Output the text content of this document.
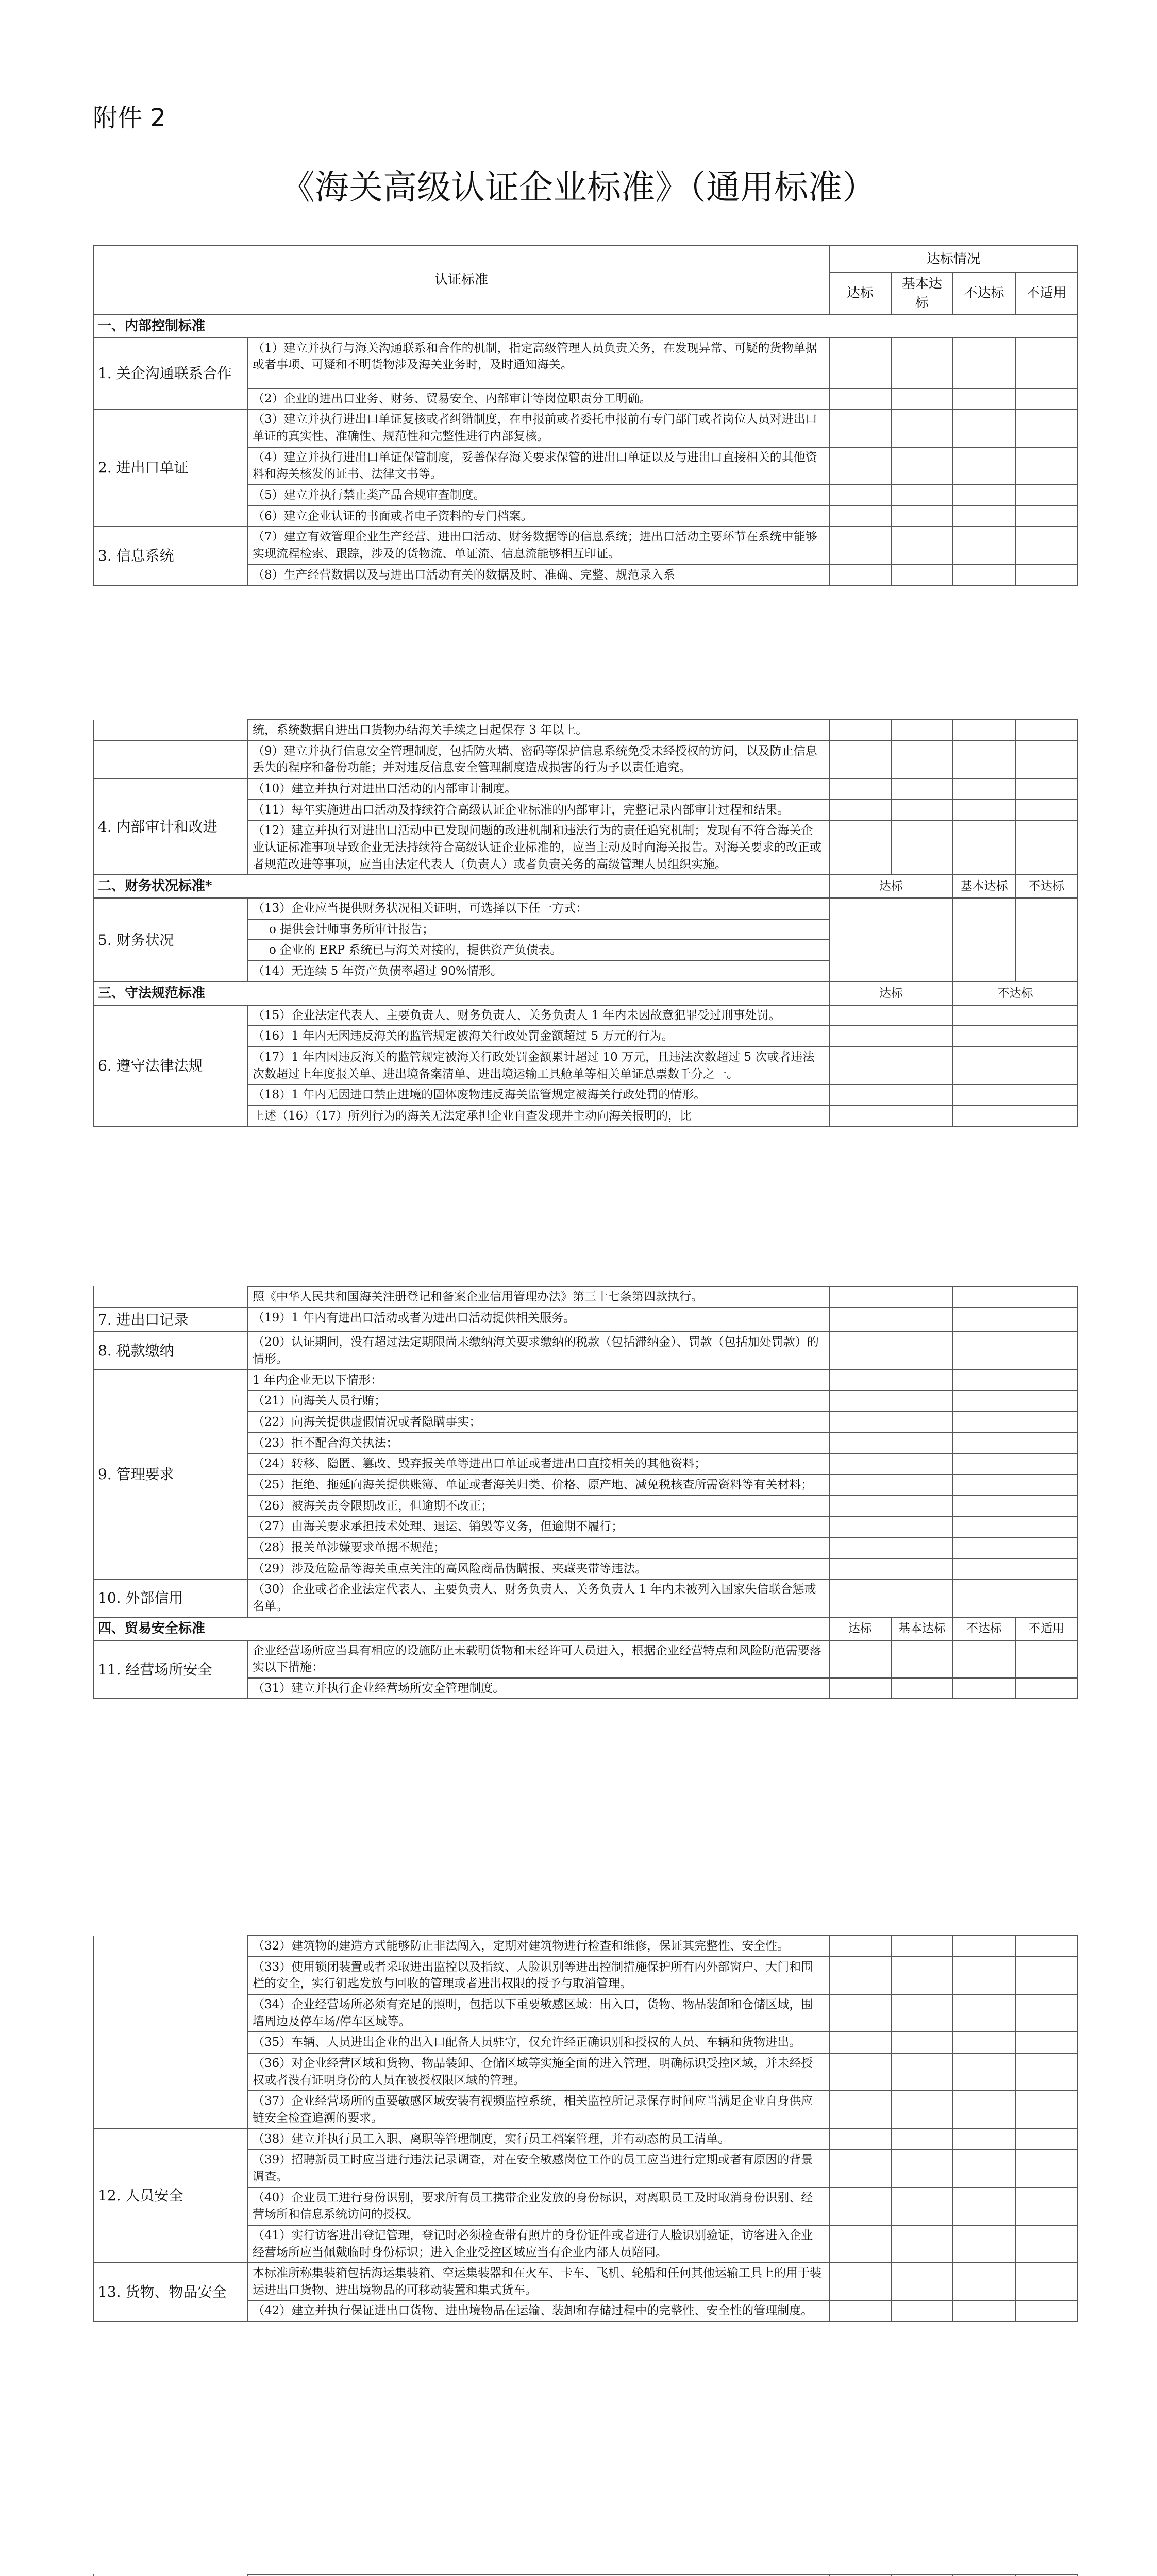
附件 2
《海关高级认证企业标准》（通用标准）
认证标准		达标情况			
		达标	基本达标	不达标	不适用
一、内部控制标准					
1. 关企沟通联系合作	（1）建立并执行与海关沟通联系和合作的机制，指定高级管理人员负责关务，在发现异常、可疑的货物单据或者事项、可疑和不明货物涉及海关业务时，及时通知海关。				
	（2）企业的进出口业务、财务、贸易安全、内部审计等岗位职责分工明确。				
2. 进出口单证	（3）建立并执行进出口单证复核或者纠错制度，在申报前或者委托申报前有专门部门或者岗位人员对进出口单证的真实性、准确性、规范性和完整性进行内部复核。				
	（4）建立并执行进出口单证保管制度，妥善保存海关要求保管的进出口单证以及与进出口直接相关的其他资料和海关核发的证书、法律文书等。				
	（5）建立并执行禁止类产品合规审查制度。				
	（6）建立企业认证的书面或者电子资料的专门档案。				
3. 信息系统	（7）建立有效管理企业生产经营、进出口活动、财务数据等的信息系统；进出口活动主要环节在系统中能够实现流程检索、跟踪，涉及的货物流、单证流、信息流能够相互印证。				
	（8）生产经营数据以及与进出口活动有关的数据及时、准确、完整、规范录入系				
	统，系统数据自进出口货物办结海关手续之日起保存 3 年以上。				
	（9）建立并执行信息安全管理制度，包括防火墙、密码等保护信息系统免受未经授权的访问，以及防止信息丢失的程序和备份功能；并对违反信息安全管理制度造成损害的行为予以责任追究。				
4. 内部审计和改进	（10）建立并执行对进出口活动的内部审计制度。				
	（11）每年实施进出口活动及持续符合高级认证企业标准的内部审计，完整记录内部审计过程和结果。				
	（12）建立并执行对进出口活动中已发现问题的改进机制和违法行为的责任追究机制；发现有不符合海关企业认证标准事项导致企业无法持续符合高级认证企业标准的，应当主动及时向海关报告。对海关要求的改正或者规范改进等事项，应当由法定代表人（负责人）或者负责关务的高级管理人员组织实施。				
二、财务状况标准*		达标		基本达标	不达标
5. 财务状况	（13）企业应当提供财务状况相关证明，可选择以下任一方式：				
	o 提供会计师事务所审计报告；				
	o 企业的 ERP 系统已与海关对接的，提供资产负债表。				
	（14）无连续 5 年资产负债率超过 90%情形。				
三、守法规范标准		达标		不达标	
6. 遵守法律法规	（15）企业法定代表人、主要负责人、财务负责人、关务负责人 1 年内未因故意犯罪受过刑事处罚。				
	（16）1 年内无因违反海关的监管规定被海关行政处罚金额超过 5 万元的行为。				
	（17）1 年内因违反海关的监管规定被海关行政处罚金额累计超过 10 万元，且违法次数超过 5 次或者违法次数超过上年度报关单、进出境备案清单、进出境运输工具舱单等相关单证总票数千分之一。				
	（18）1 年内无因进口禁止进境的固体废物违反海关监管规定被海关行政处罚的情形。				
	上述（16）（17）所列行为的海关无法定承担企业自查发现并主动向海关报明的，比				
	照《中华人民共和国海关注册登记和备案企业信用管理办法》第三十七条第四款执行。				
7. 进出口记录	（19）1 年内有进出口活动或者为进出口活动提供相关服务。				
8. 税款缴纳	（20）认证期间，没有超过法定期限尚未缴纳海关要求缴纳的税款（包括滞纳金）、罚款（包括加处罚款）的情形。				
9. 管理要求	1 年内企业无以下情形：				
	（21）向海关人员行贿；				
	（22）向海关提供虚假情况或者隐瞒事实；				
	（23）拒不配合海关执法；				
	（24）转移、隐匿、篡改、毁弃报关单等进出口单证或者进出口直接相关的其他资料；				
	（25）拒绝、拖延向海关提供账簿、单证或者海关归类、价格、原产地、减免税核查所需资料等有关材料；				
	（26）被海关责令限期改正，但逾期不改正；				
	（27）由海关要求承担技术处理、退运、销毁等义务，但逾期不履行；				
	（28）报关单涉嫌要求单据不规范；				
	（29）涉及危险品等海关重点关注的高风险商品伪瞒报、夹藏夹带等违法。				
10. 外部信用	（30）企业或者企业法定代表人、主要负责人、财务负责人、关务负责人 1 年内未被列入国家失信联合惩戒名单。				
四、贸易安全标准		达标	基本达标	不达标	不适用
11. 经营场所安全	企业经营场所应当具有相应的设施防止未载明货物和未经许可人员进入，根据企业经营特点和风险防范需要落实以下措施：				
	（31）建立并执行企业经营场所安全管理制度。				
	（32）建筑物的建造方式能够防止非法闯入，定期对建筑物进行检查和维修，保证其完整性、安全性。				
	（33）使用锁闭装置或者采取进出监控以及指纹、人脸识别等进出控制措施保护所有内外部窗户、大门和围栏的安全，实行钥匙发放与回收的管理或者进出权限的授予与取消管理。				
	（34）企业经营场所必须有充足的照明，包括以下重要敏感区域：出入口，货物、物品装卸和仓储区域，围墙周边及停车场/停车区域等。				
	（35）车辆、人员进出企业的出入口配备人员驻守，仅允许经正确识别和授权的人员、车辆和货物进出。				
	（36）对企业经营区域和货物、物品装卸、仓储区域等实施全面的进入管理，明确标识受控区域，并未经授权或者没有证明身份的人员在被授权限区域的管理。				
	（37）企业经营场所的重要敏感区域安装有视频监控系统，相关监控所记录保存时间应当满足企业自身供应链安全检查追溯的要求。				
12. 人员安全	（38）建立并执行员工入职、离职等管理制度，实行员工档案管理，并有动态的员工清单。				
	（39）招聘新员工时应当进行违法记录调查，对在安全敏感岗位工作的员工应当进行定期或者有原因的背景调查。				
	（40）企业员工进行身份识别，要求所有员工携带企业发放的身份标识，对离职员工及时取消身份识别、经营场所和信息系统访问的授权。				
	（41）实行访客进出登记管理，登记时必须检查带有照片的身份证件或者进行人脸识别验证，访客进入企业经营场所应当佩戴临时身份标识；进入企业受控区域应当有企业内部人员陪同。				
13. 货物、物品安全	本标准所称集装箱包括海运集装箱、空运集装器和在火车、卡车、飞机、轮船和任何其他运输工具上的用于装运进出口货物、进出境物品的可移动装置和集式货车。				
	（42）建立并执行保证进出口货物、进出境物品在运输、装卸和存储过程中的完整性、安全性的管理制度。				
